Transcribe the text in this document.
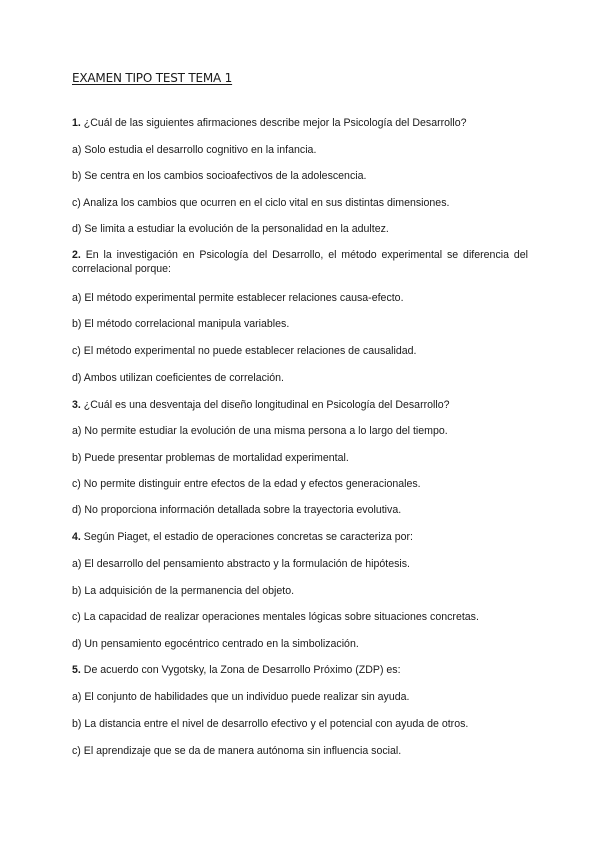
EXAMEN TIPO TEST TEMA 1
1. ¿Cuál de las siguientes afirmaciones describe mejor la Psicología del Desarrollo?
a) Solo estudia el desarrollo cognitivo en la infancia.
b) Se centra en los cambios socioafectivos de la adolescencia.
c) Analiza los cambios que ocurren en el ciclo vital en sus distintas dimensiones.
d) Se limita a estudiar la evolución de la personalidad en la adultez.
2. En la investigación en Psicología del Desarrollo, el método experimental se diferencia del correlacional porque:
a) El método experimental permite establecer relaciones causa-efecto.
b) El método correlacional manipula variables.
c) El método experimental no puede establecer relaciones de causalidad.
d) Ambos utilizan coeficientes de correlación.
3. ¿Cuál es una desventaja del diseño longitudinal en Psicología del Desarrollo?
a) No permite estudiar la evolución de una misma persona a lo largo del tiempo.
b) Puede presentar problemas de mortalidad experimental.
c) No permite distinguir entre efectos de la edad y efectos generacionales.
d) No proporciona información detallada sobre la trayectoria evolutiva.
4. Según Piaget, el estadio de operaciones concretas se caracteriza por:
a) El desarrollo del pensamiento abstracto y la formulación de hipótesis.
b) La adquisición de la permanencia del objeto.
c) La capacidad de realizar operaciones mentales lógicas sobre situaciones concretas.
d) Un pensamiento egocéntrico centrado en la simbolización.
5. De acuerdo con Vygotsky, la Zona de Desarrollo Próximo (ZDP) es:
a) El conjunto de habilidades que un individuo puede realizar sin ayuda.
b) La distancia entre el nivel de desarrollo efectivo y el potencial con ayuda de otros.
c) El aprendizaje que se da de manera autónoma sin influencia social.
